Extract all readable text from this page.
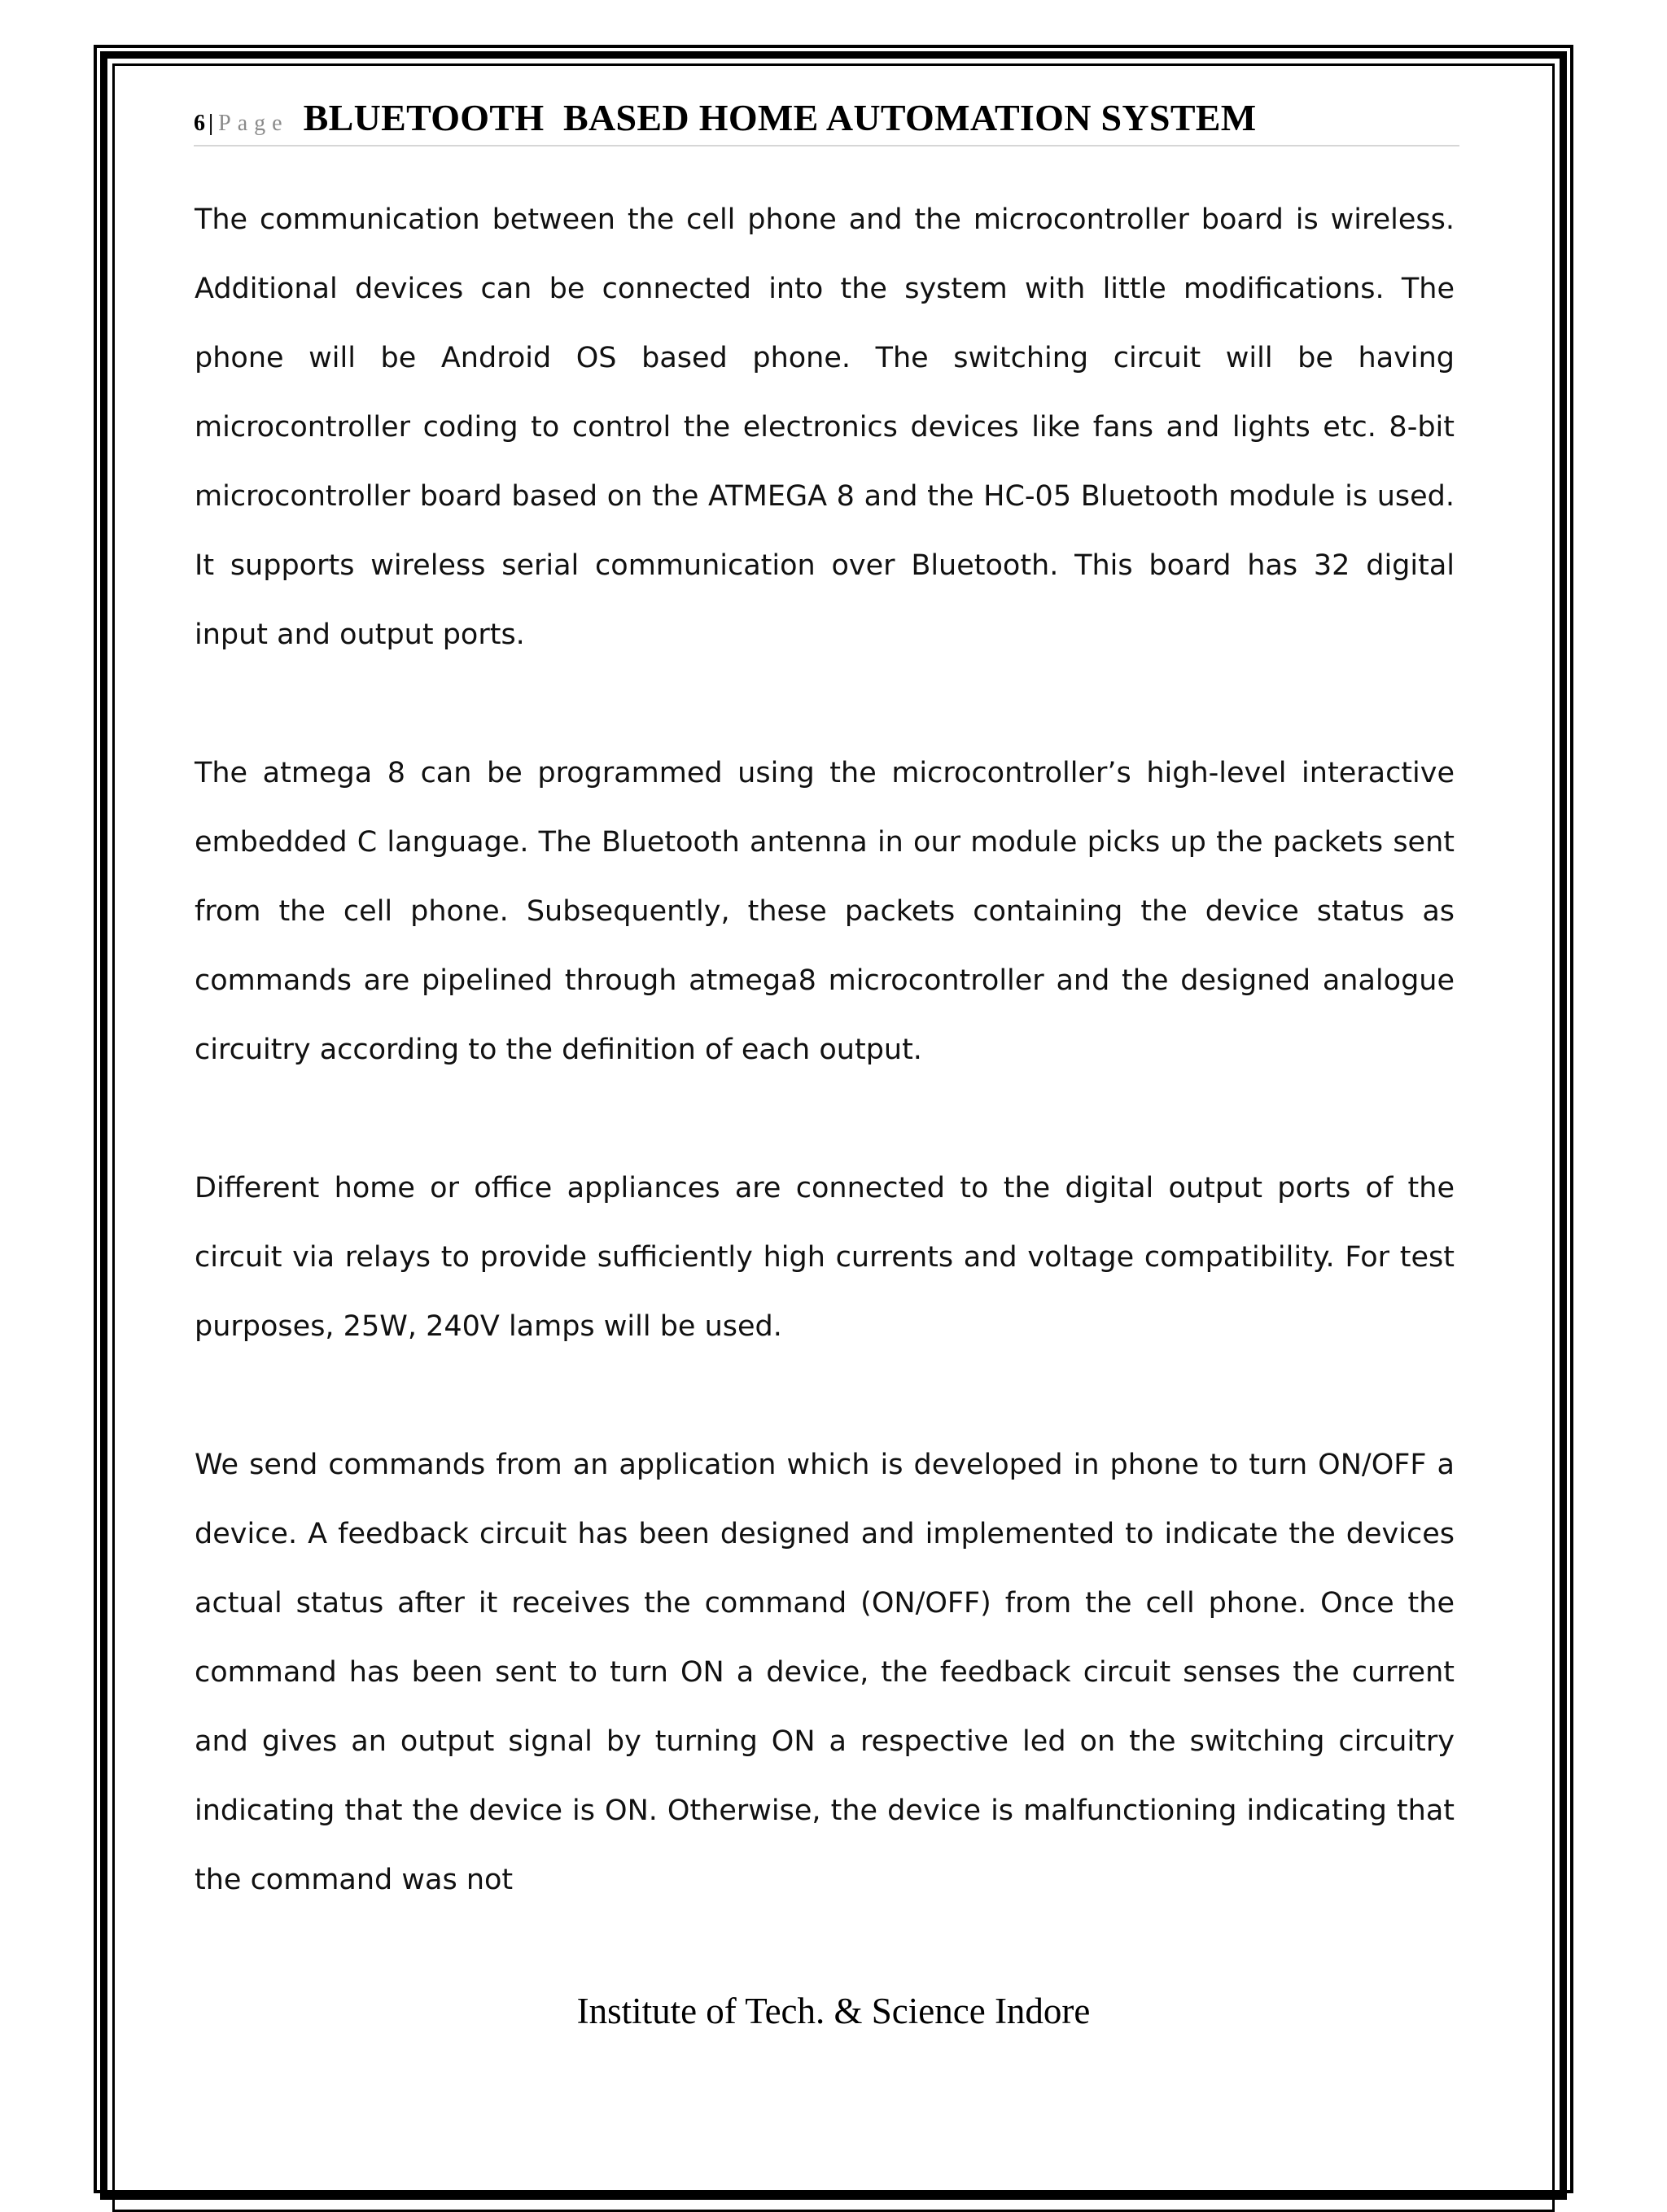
6 | Page BLUETOOTH  BASED HOME AUTOMATION SYSTEM

The communication between the cell phone and the microcontroller board is wireless. Additional devices can be connected into the system with little modifications. The phone will be Android OS based phone. The switching circuit will be having microcontroller coding to control the electronics devices like fans and lights etc. 8-bit microcontroller board based on the ATMEGA 8 and the HC-05 Bluetooth module is used. It supports wireless serial communication over Bluetooth. This board has 32 digital input and output ports.

The atmega 8 can be programmed using the microcontroller’s high-level interactive embedded C language. The Bluetooth antenna in our module picks up the packets sent from the cell phone. Subsequently, these packets containing the device status as commands are pipelined through atmega8 microcontroller and the designed analogue circuitry according to the definition of each output.

Different home or office appliances are connected to the digital output ports of the circuit via relays to provide sufficiently high currents and voltage compatibility. For test purposes, 25W, 240V lamps will be used.

We send commands from an application which is developed in phone to turn ON/OFF a device. A feedback circuit has been designed and implemented to indicate the devices actual status after it receives the command (ON/OFF) from the cell phone. Once the command has been sent to turn ON a device, the feedback circuit senses the current and gives an output signal by turning ON a respective led on the switching circuitry indicating that the device is ON. Otherwise, the device is malfunctioning indicating that the command was not

Institute of Tech. & Science Indore
